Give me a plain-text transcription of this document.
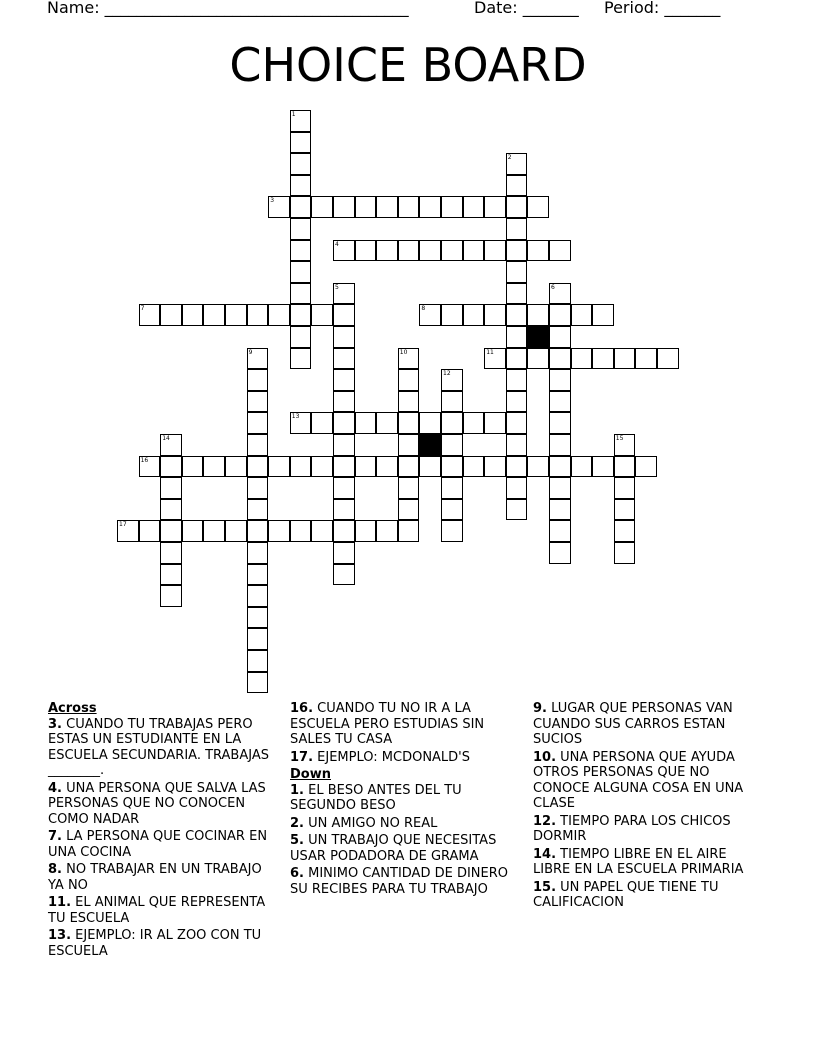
Name: ______________________________________

	Date: _______

Period: _______

CHOICE BOARD
1
2
3
4
5	6
7	8
9	10	11
12
13
14	15
16
17
Across
3. CUANDO TU TRABAJAS PERO ESTAS UN ESTUDIANTE EN LA ESCUELA SECUNDARIA. TRABAJAS ________.
4. UNA PERSONA QUE SALVA LAS PERSONAS QUE NO CONOCEN COMO NADAR
7. LA PERSONA QUE COCINAR EN UNA COCINA
8. NO TRABAJAR EN UN TRABAJO YA NO
11. EL ANIMAL QUE REPRESENTA TU ESCUELA
13. EJEMPLO: IR AL ZOO CON TU ESCUELA
16. CUANDO TU NO IR A LA ESCUELA PERO ESTUDIAS SIN SALES TU CASA
17. EJEMPLO: MCDONALD'S
Down
1. EL BESO ANTES DEL TU SEGUNDO BESO
2. UN AMIGO NO REAL
5. UN TRABAJO QUE NECESITAS USAR PODADORA DE GRAMA
6. MINIMO CANTIDAD DE DINERO SU RECIBES PARA TU TRABAJO
9. LUGAR QUE PERSONAS VAN CUANDO SUS CARROS ESTAN SUCIOS
10. UNA PERSONA QUE AYUDA OTROS PERSONAS QUE NO CONOCE ALGUNA COSA EN UNA CLASE
12. TIEMPO PARA LOS CHICOS DORMIR
14. TIEMPO LIBRE EN EL AIRE LIBRE EN LA ESCUELA PRIMARIA
15. UN PAPEL QUE TIENE TU CALIFICACION
